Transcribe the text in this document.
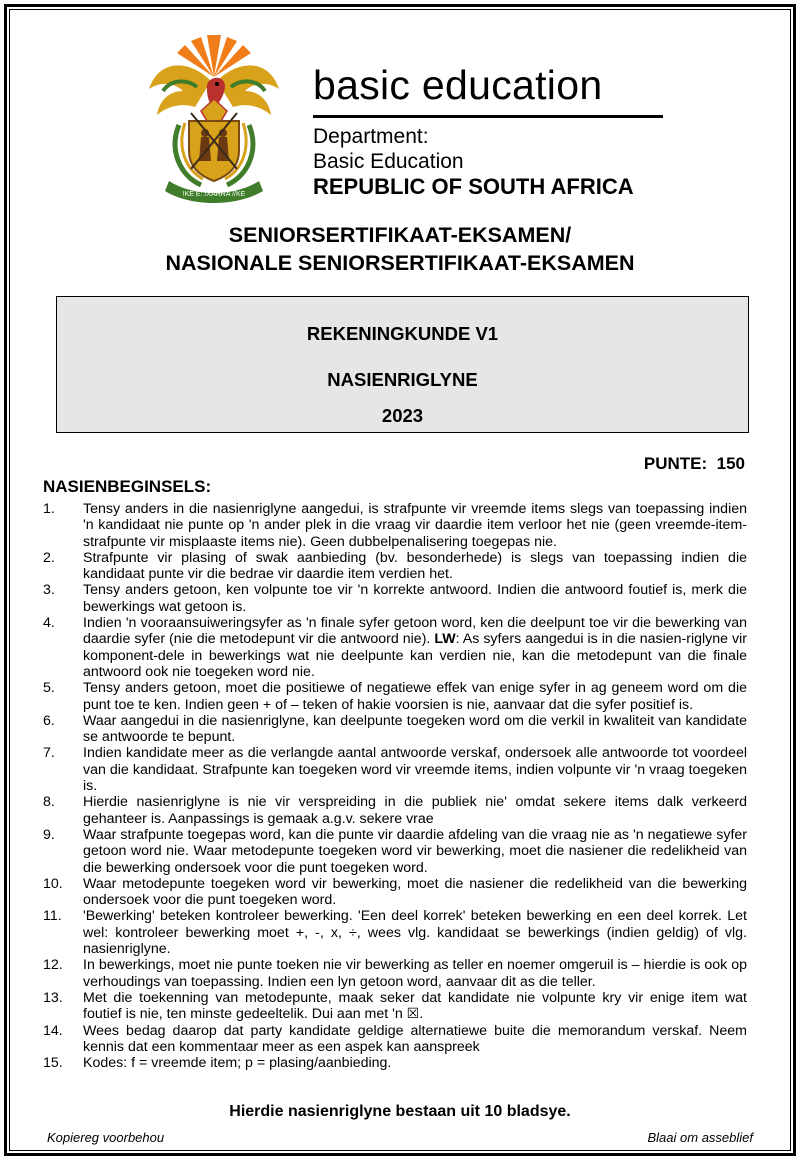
!KE E: /XARRA //KE
basic education
Department:
Basic Education
REPUBLIC OF SOUTH AFRICA
SENIORSERTIFIKAAT-EKSAMEN/
NASIONALE SENIORSERTIFIKAAT-EKSAMEN
REKENINGKUNDE V1
NASIENRIGLYNE
2023
PUNTE: 150
NASIENBEGINSELS:
1. Tensy anders in die nasienriglyne aangedui, is strafpunte vir vreemde items slegs van toepassing indien 'n kandidaat nie punte op 'n ander plek in die vraag vir daardie item verloor het nie (geen vreemde-item-strafpunte vir misplaaste items nie). Geen dubbelpenalisering toegepas nie.
2. Strafpunte vir plasing of swak aanbieding (bv. besonderhede) is slegs van toepassing indien die kandidaat punte vir die bedrae vir daardie item verdien het.
3. Tensy anders getoon, ken volpunte toe vir 'n korrekte antwoord. Indien die antwoord foutief is, merk die bewerkings wat getoon is.
4. Indien 'n vooraansuiweringsyfer as 'n finale syfer getoon word, ken die deelpunt toe vir die bewerking van daardie syfer (nie die metodepunt vir die antwoord nie). LW: As syfers aangedui is in die nasien-riglyne vir komponent-dele in bewerkings wat nie deelpunte kan verdien nie, kan die metodepunt van die finale antwoord ook nie toegeken word nie.
5. Tensy anders getoon, moet die positiewe of negatiewe effek van enige syfer in ag geneem word om die punt toe te ken. Indien geen + of – teken of hakie voorsien is nie, aanvaar dat die syfer positief is.
6. Waar aangedui in die nasienriglyne, kan deelpunte toegeken word om die verkil in kwaliteit van kandidate se antwoorde te bepunt.
7. Indien kandidate meer as die verlangde aantal antwoorde verskaf, ondersoek alle antwoorde tot voordeel van die kandidaat. Strafpunte kan toegeken word vir vreemde items, indien volpunte vir 'n vraag toegeken is.
8. Hierdie nasienriglyne is nie vir verspreiding in die publiek nie' omdat sekere items dalk verkeerd gehanteer is. Aanpassings is gemaak a.g.v. sekere vrae
9. Waar strafpunte toegepas word, kan die punte vir daardie afdeling van die vraag nie as 'n negatiewe syfer getoon word nie. Waar metodepunte toegeken word vir bewerking, moet die nasiener die redelikheid van die bewerking ondersoek voor die punt toegeken word.
10. Waar metodepunte toegeken word vir bewerking, moet die nasiener die redelikheid van die bewerking ondersoek voor die punt toegeken word.
11. 'Bewerking' beteken kontroleer bewerking. 'Een deel korrek' beteken bewerking en een deel korrek. Let wel: kontroleer bewerking moet +, -, x, ÷, wees vlg. kandidaat se bewerkings (indien geldig) of vlg. nasienriglyne.
12. In bewerkings, moet nie punte toeken nie vir bewerking as teller en noemer omgeruil is – hierdie is ook op verhoudings van toepassing. Indien een lyn getoon word, aanvaar dit as die teller.
13. Met die toekenning van metodepunte, maak seker dat kandidate nie volpunte kry vir enige item wat foutief is nie, ten minste gedeeltelik. Dui aan met 'n ☒.
14. Wees bedag daarop dat party kandidate geldige alternatiewe buite die memorandum verskaf. Neem kennis dat een kommentaar meer as een aspek kan aanspreek
15. Kodes: f = vreemde item; p = plasing/aanbieding.
Hierdie nasienriglyne bestaan uit 10 bladsye.
Kopiereg voorbehou	Blaai om asseblief
